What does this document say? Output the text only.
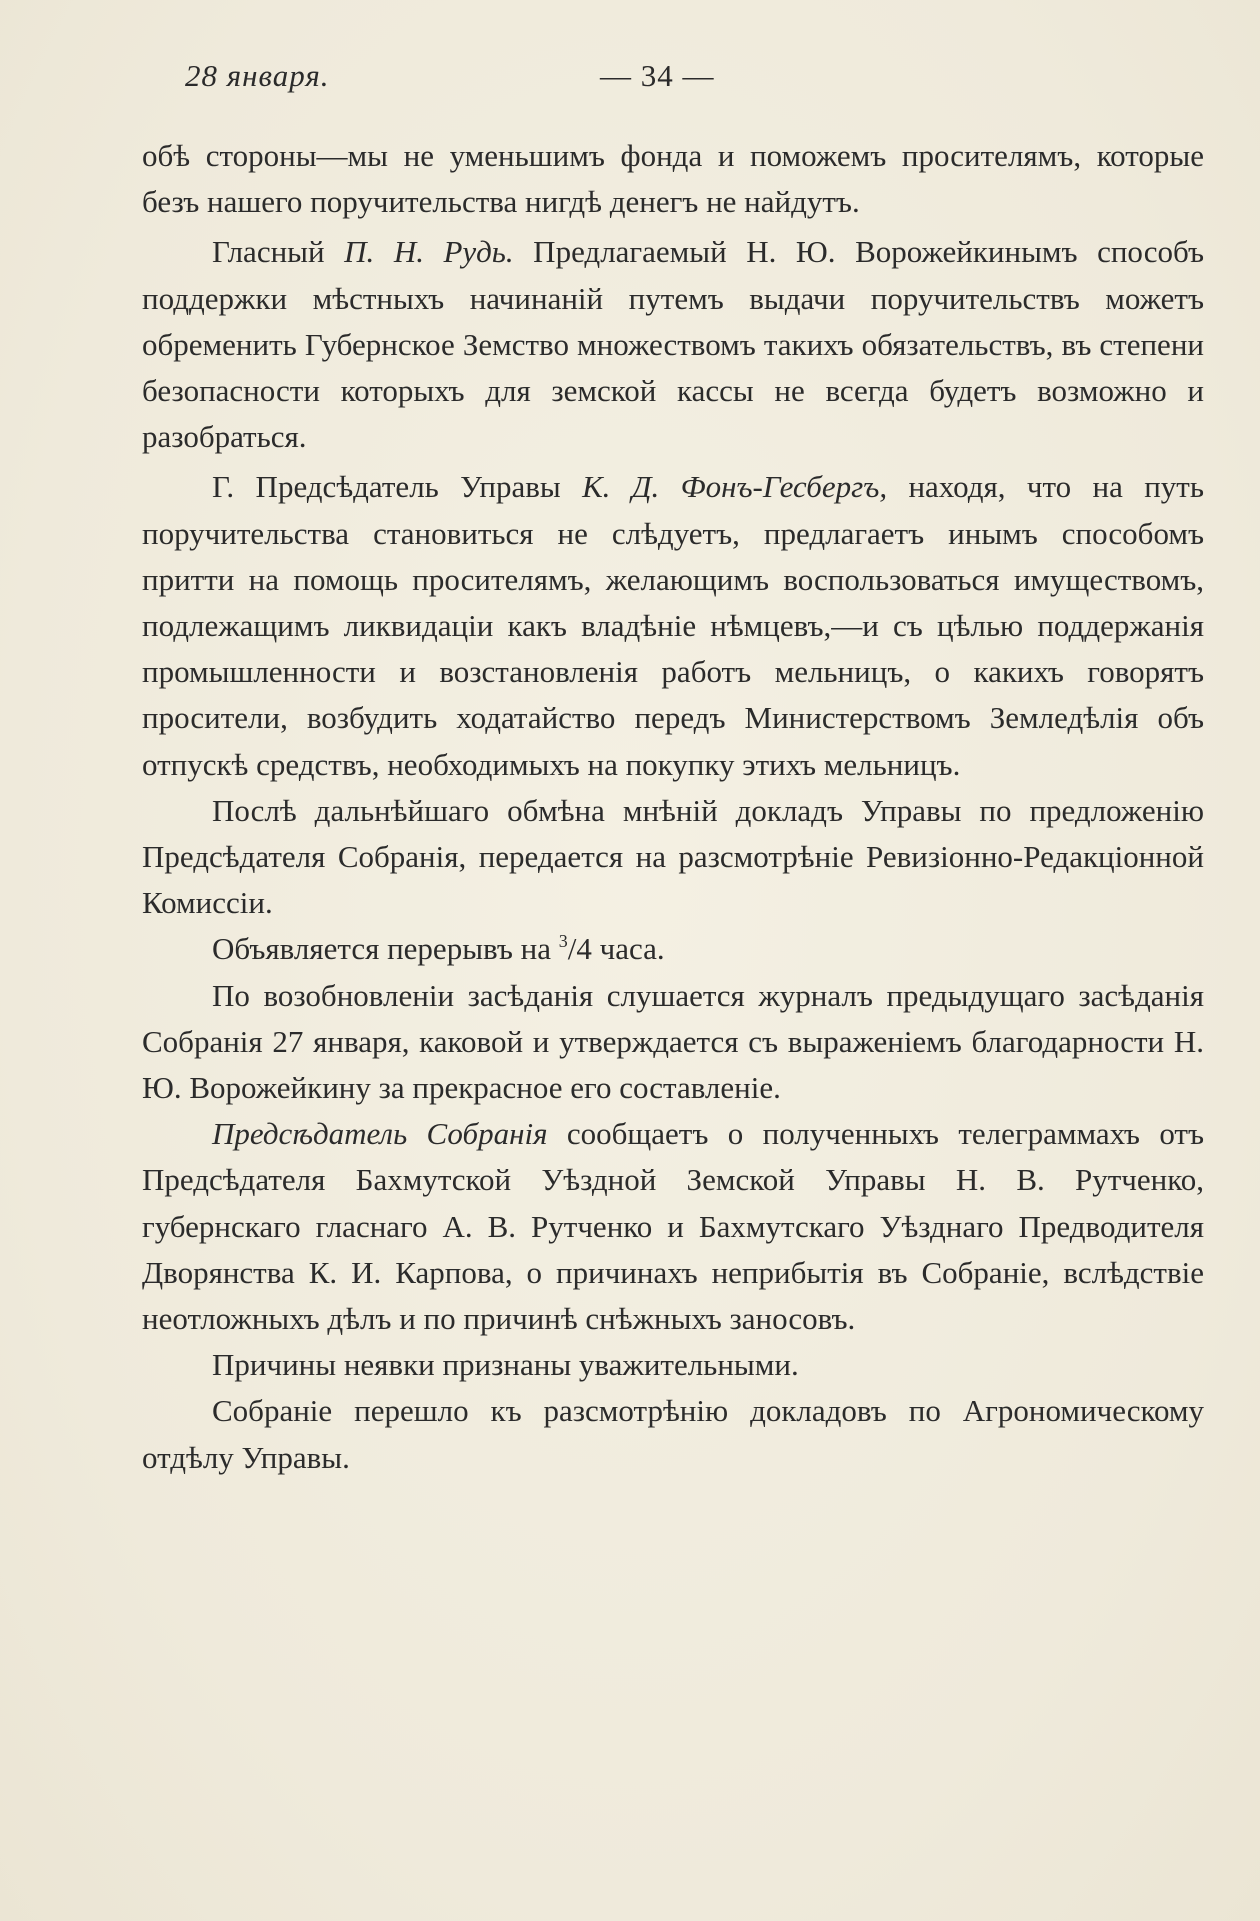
28 января.	— 34 —

обѣ стороны—мы не уменьшимъ фонда и поможемъ просителямъ, которые безъ нашего поручительства нигдѣ денегъ не найдутъ.

Гласный П. Н. Рудь. Предлагаемый Н. Ю. Ворожейкинымъ способъ поддержки мѣстныхъ начинаній путемъ выдачи поручительствъ можетъ обременить Губернское Земство множествомъ такихъ обязательствъ, въ степени безопасности которыхъ для земской кассы не всегда будетъ возможно и разобраться.

Г. Предсѣдатель Управы К. Д. Фонъ-Гесбергъ, находя, что на путь поручительства становиться не слѣдуетъ, предлагаетъ инымъ способомъ притти на помощь просителямъ, желающимъ воспользоваться имуществомъ, подлежащимъ ликвидаціи какъ владѣніе нѣмцевъ,—и съ цѣлью поддержанія промышленности и возстановленія работъ мельницъ, о какихъ говорятъ просители, возбудить ходатайство передъ Министерствомъ Земледѣлія объ отпускѣ средствъ, необходимыхъ на покупку этихъ мельницъ.

Послѣ дальнѣйшаго обмѣна мнѣній докладъ Управы по предложенію Предсѣдателя Собранія, передается на разсмотрѣніе Ревизіонно-Редакціонной Комиссіи.

Объявляется перерывъ на $^3$/4 часа.

По возобновленіи засѣданія слушается журналъ предыдущаго засѣданія Собранія 27 января, каковой и утверждается съ выраженіемъ благодарности Н. Ю. Ворожейкину за прекрасное его составленіе.

Предсѣдатель Собранія сообщаетъ о полученныхъ телеграммахъ отъ Предсѣдателя Бахмутской Уѣздной Земской Управы Н. В. Рутченко, губернскаго гласнаго А. В. Рутченко и Бахмутскаго Уѣзднаго Предводителя Дворянства К. И. Карпова, о причинахъ неприбытія въ Собраніе, вслѣдствіе неотложныхъ дѣлъ и по причинѣ снѣжныхъ заносовъ.

Причины неявки признаны уважительными.

Собраніе перешло къ разсмотрѣнію докладовъ по Агрономическому отдѣлу Управы.
